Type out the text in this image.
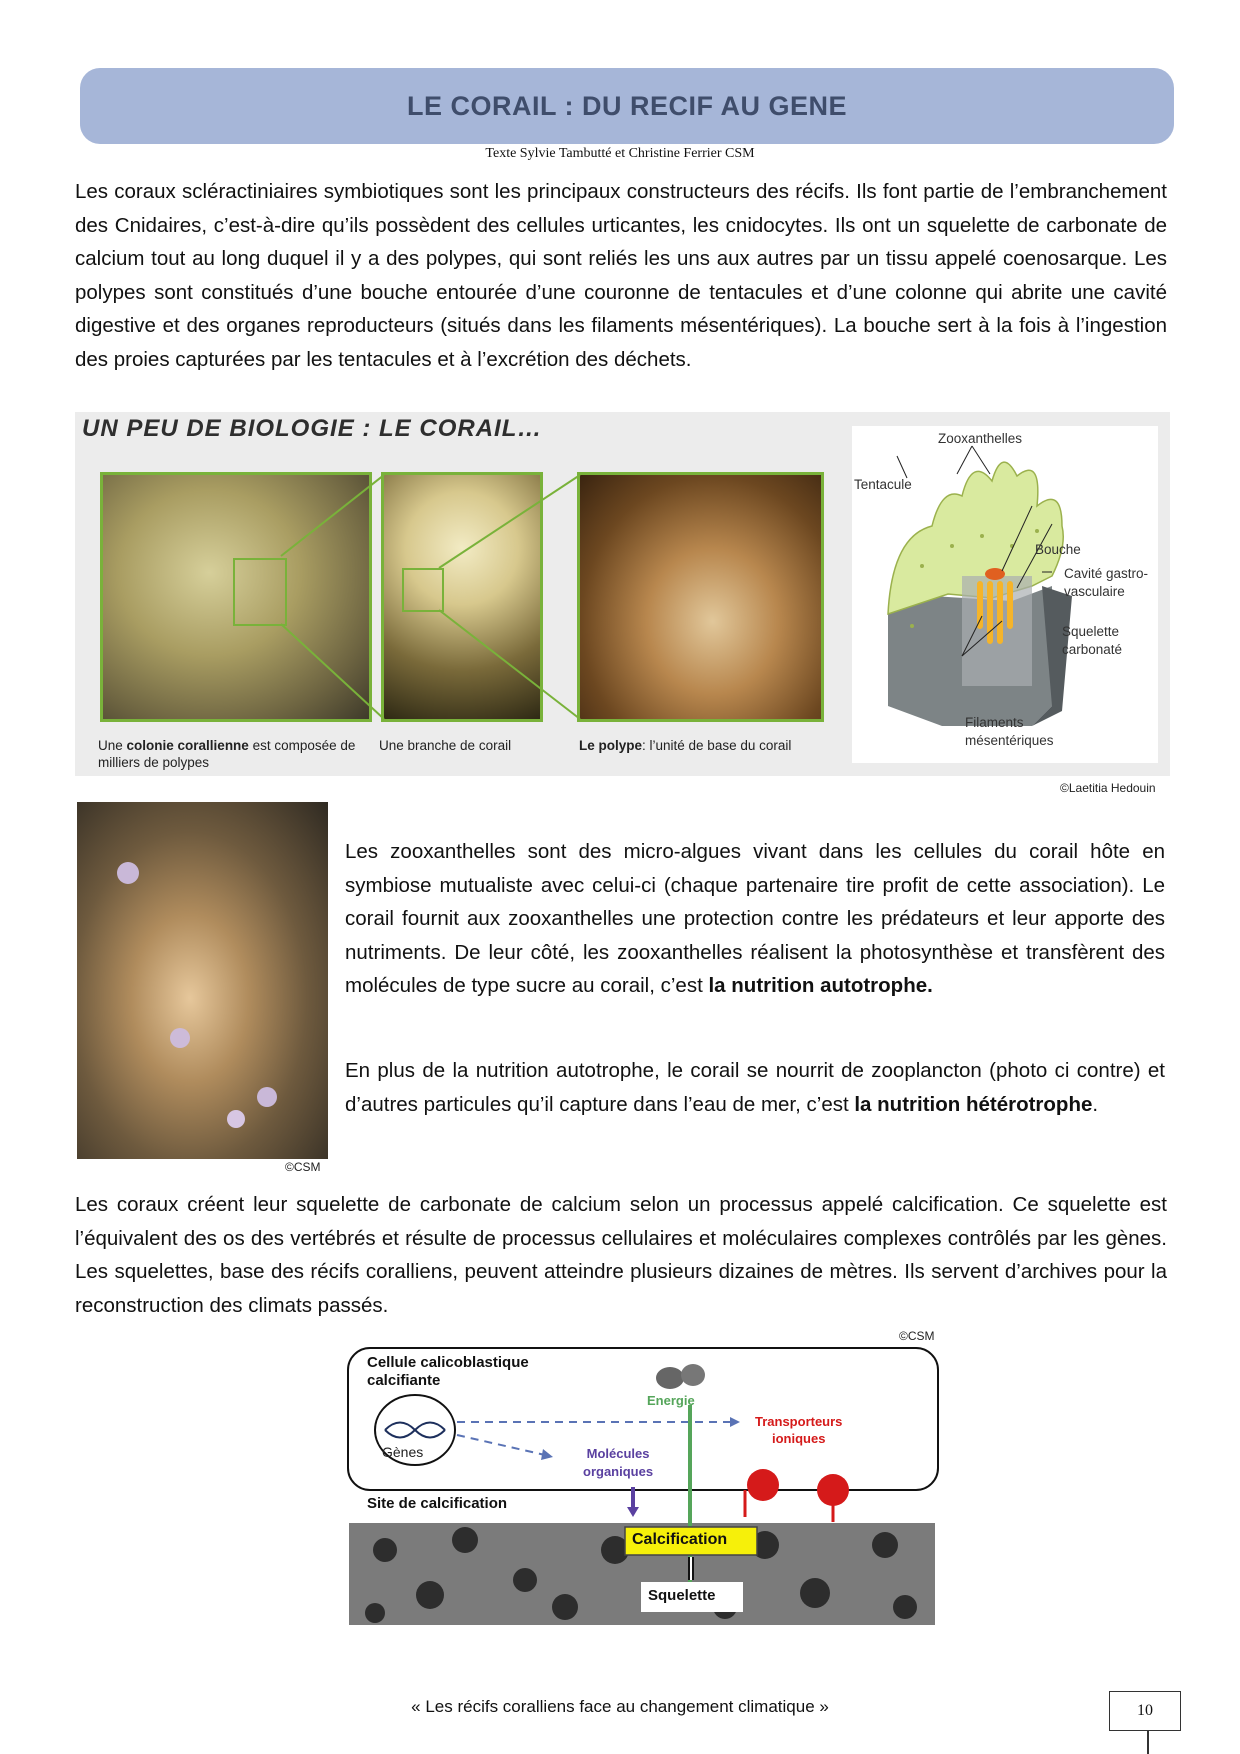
LE CORAIL : DU RECIF AU GENE
Texte Sylvie Tambutté et Christine Ferrier CSM

Les coraux scléractiniaires symbiotiques sont les principaux constructeurs des récifs. Ils font partie de l’embranchement des Cnidaires, c’est-à-dire qu’ils possèdent des cellules urticantes, les cnidocytes. Ils ont un squelette de carbonate de calcium tout au long duquel il y a des polypes, qui sont reliés les uns aux autres par un tissu appelé coenosarque. Les polypes sont constitués d’une bouche entourée d’une couronne de tentacules et d’une colonne qui abrite une cavité digestive et des organes reproducteurs (situés dans les filaments mésentériques). La bouche sert à la fois à l’ingestion des proies capturées par les tentacules et à l’excrétion des déchets.

UN PEU DE BIOLOGIE : LE CORAIL…
Une colonie corallienne est composée de milliers de polypes
Une branche de corail	Le polype: l’unité de base du corail
Zooxanthelles
Tentacule
Bouche
Cavité gastro-
vasculaire
Squelette
carbonaté
Filaments
mésentériques
©Laetitia Hedouin
©CSM

Les zooxanthelles sont des micro-algues vivant dans les cellules du corail hôte en symbiose mutualiste avec celui-ci (chaque partenaire tire profit de cette association). Le corail fournit aux zooxanthelles une protection contre les prédateurs et leur apporte des nutriments. De leur côté, les zooxanthelles réalisent la photosynthèse et transfèrent des molécules de type sucre au corail, c’est la nutrition autotrophe.

En plus de la nutrition autotrophe, le corail se nourrit de zooplancton (photo ci contre) et d’autres particules qu’il capture dans l’eau de mer, c’est la nutrition hétérotrophe.

Les coraux créent leur squelette de carbonate de calcium selon un processus appelé calcification. Ce squelette est l’équivalent des os des vertébrés et résulte de processus cellulaires et moléculaires complexes contrôlés par les gènes. Les squelettes, base des récifs coralliens, peuvent atteindre plusieurs dizaines de mètres. Ils servent d’archives pour la reconstruction des climats passés.

©CSM
Cellule calicoblastique
calcifiante
Energie
Transporteurs
ioniques
Gènes	Molécules
organiques
Site de calcification
Calcification
Squelette
« Les récifs coralliens face au changement climatique »	10
